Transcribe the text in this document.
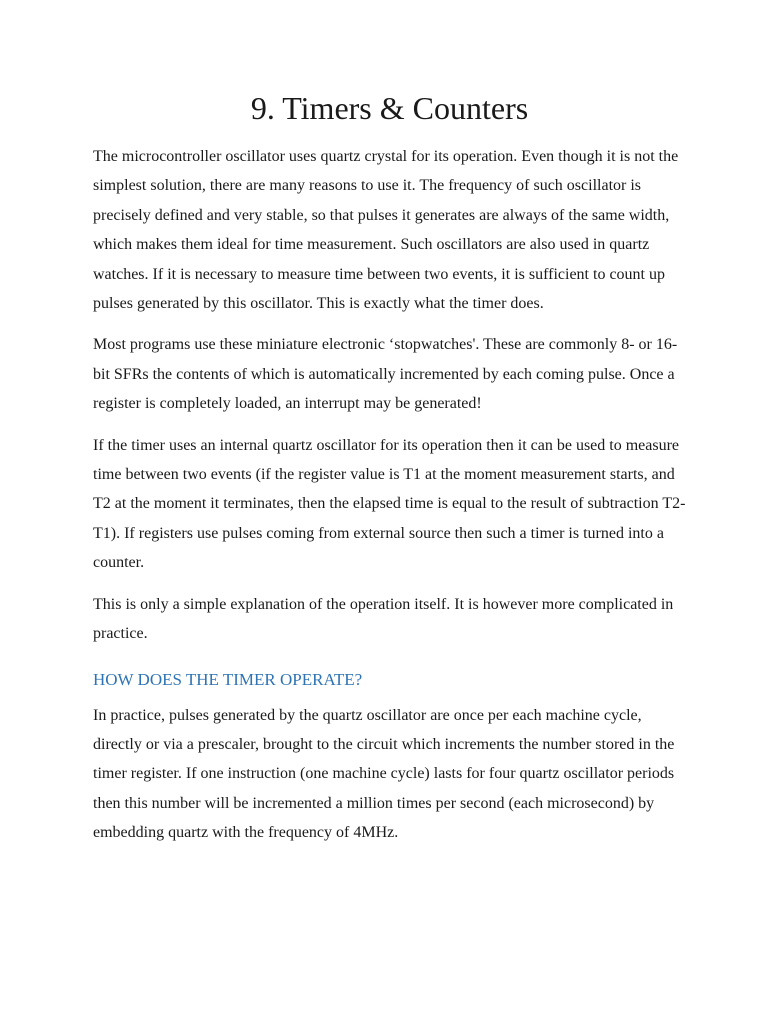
9. Timers & Counters

The microcontroller oscillator uses quartz crystal for its operation. Even though it is not the simplest solution, there are many reasons to use it. The frequency of such oscillator is precisely defined and very stable, so that pulses it generates are always of the same width, which makes them ideal for time measurement. Such oscillators are also used in quartz watches. If it is necessary to measure time between two events, it is sufficient to count up pulses generated by this oscillator. This is exactly what the timer does.

Most programs use these miniature electronic ‘stopwatches'. These are commonly 8- or 16-bit SFRs the contents of which is automatically incremented by each coming pulse. Once a register is completely loaded, an interrupt may be generated!

If the timer uses an internal quartz oscillator for its operation then it can be used to measure time between two events (if the register value is T1 at the moment measurement starts, and T2 at the moment it terminates, then the elapsed time is equal to the result of subtraction T2-T1). If registers use pulses coming from external source then such a timer is turned into a counter.

This is only a simple explanation of the operation itself. It is however more complicated in practice.

HOW DOES THE TIMER OPERATE?

In practice, pulses generated by the quartz oscillator are once per each machine cycle, directly or via a prescaler, brought to the circuit which increments the number stored in the timer register. If one instruction (one machine cycle) lasts for four quartz oscillator periods then this number will be incremented a million times per second (each microsecond) by embedding quartz with the frequency of 4MHz.
